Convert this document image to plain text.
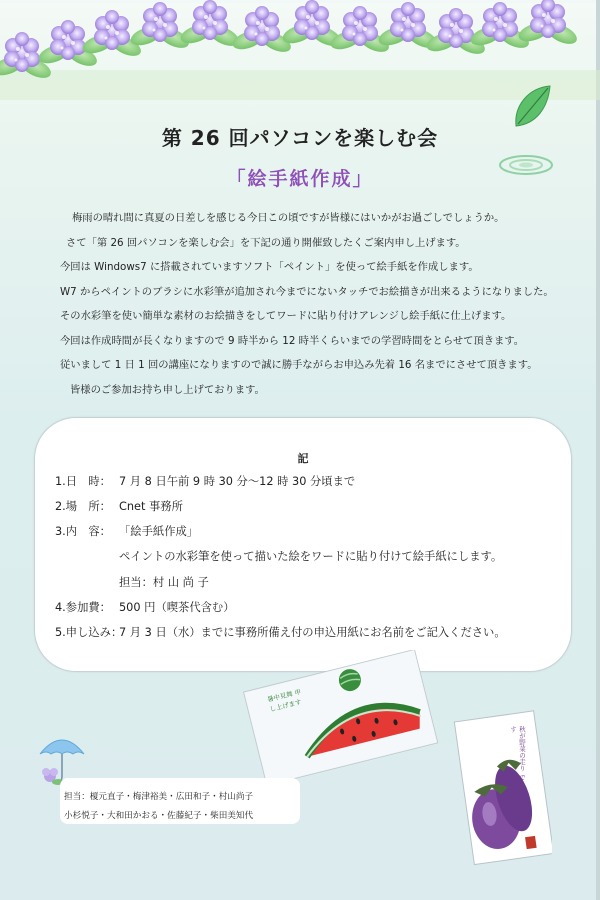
第 26 回パソコンを楽しむ会
「絵手紙作成」

梅雨の晴れ間に真夏の日差しを感じる今日この頃ですが皆様にはいかがお過ごしでしょうか。

さて「第 26 回パソコンを楽しむ会」を下記の通り開催致したくご案内申し上げます。

今回は Windows7 に搭載されていますソフト「ペイント」を使って絵手紙を作成します。

W7 からペイントのブラシに水彩筆が追加され今までにないタッチでお絵描きが出来るようになりました。

その水彩筆を使い簡単な素材のお絵描きをしてワードに貼り付けアレンジし絵手紙に仕上げます。

今回は作成時間が長くなりますので 9 時半から 12 時半くらいまでの学習時間をとらせて頂きます。

従いまして 1 日 1 回の講座になりますので誠に勝手ながらお申込み先着 16 名までにさせて頂きます。

皆様のご参加お持ち申し上げております。

記
1.日　時： 7 月 8 日午前 9 時 30 分～12 時 30 分頃まで
2.場　所： Cnet 事務所
3.内　容： 「絵手紙作成」
ペイントの水彩筆を使って描いた絵をワードに貼り付けて絵手紙にします。
担当：村 山 尚 子
4.参加費： 500 円（喫茶代含む）
5.申し込み：7 月 3 日（水）までに事務所備え付の申込用紙にお名前をご記入ください。
暑中見舞 申し上げます
秋が野菜の走り です

担当：榎元直子・梅津裕美・広田和子・村山尚子

小杉悦子・大和田かおる・佐藤紀子・柴田美知代
